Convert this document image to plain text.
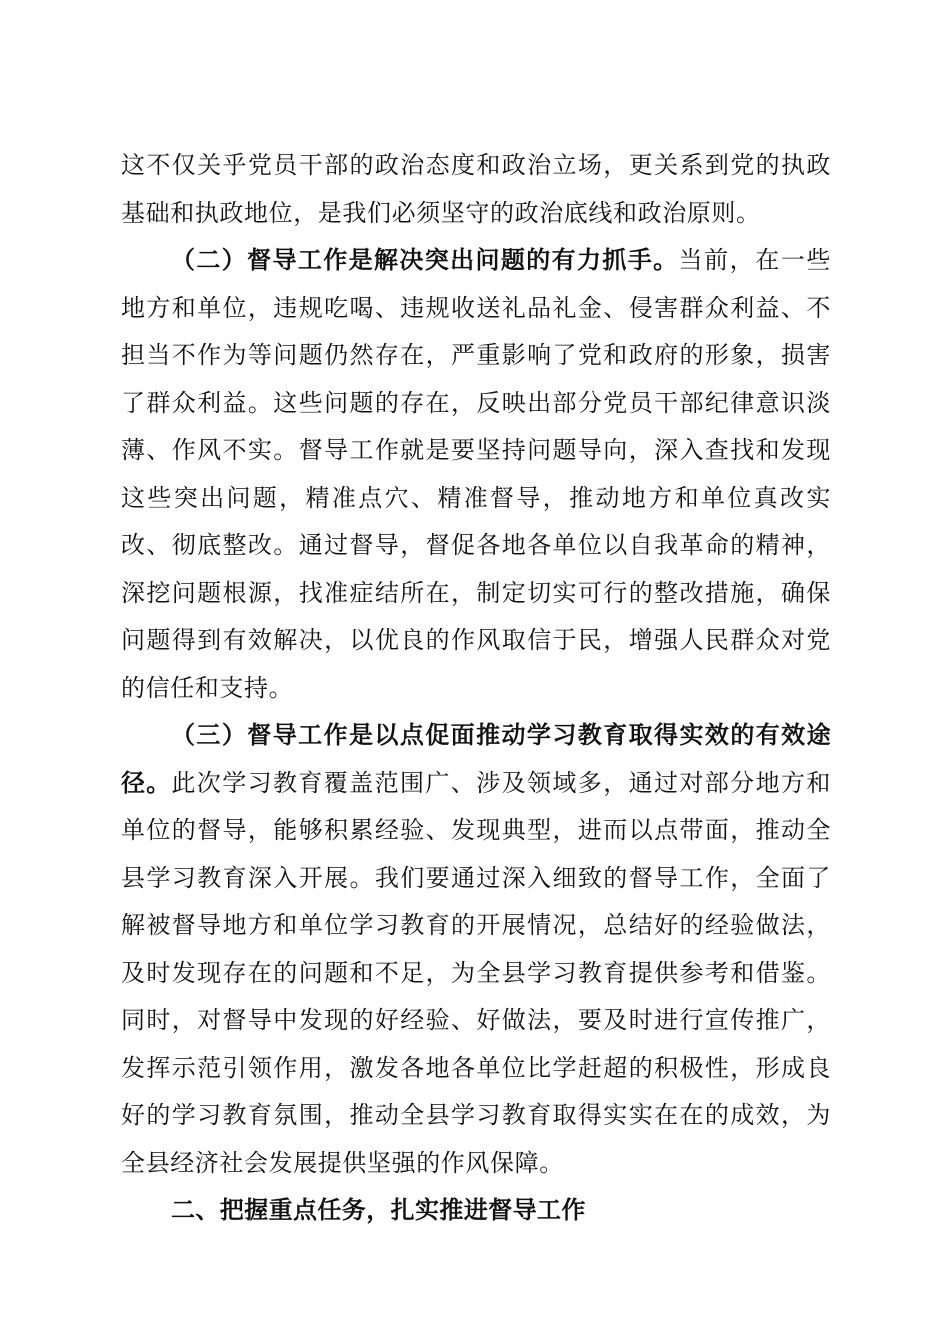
这不仅关乎党员干部的政治态度和政治立场，更关系到党的执政基础和执政地位，是我们必须坚守的政治底线和政治原则。

（二）督导工作是解决突出问题的有力抓手。当前，在一些地方和单位，违规吃喝、违规收送礼品礼金、侵害群众利益、不担当不作为等问题仍然存在，严重影响了党和政府的形象，损害了群众利益。这些问题的存在，反映出部分党员干部纪律意识淡薄、作风不实。督导工作就是要坚持问题导向，深入查找和发现这些突出问题，精准点穴、精准督导，推动地方和单位真改实改、彻底整改。通过督导，督促各地各单位以自我革命的精神，深挖问题根源，找准症结所在，制定切实可行的整改措施，确保问题得到有效解决，以优良的作风取信于民，增强人民群众对党的信任和支持。

（三）督导工作是以点促面推动学习教育取得实效的有效途径。此次学习教育覆盖范围广、涉及领域多，通过对部分地方和单位的督导，能够积累经验、发现典型，进而以点带面，推动全县学习教育深入开展。我们要通过深入细致的督导工作，全面了解被督导地方和单位学习教育的开展情况，总结好的经验做法，及时发现存在的问题和不足，为全县学习教育提供参考和借鉴。同时，对督导中发现的好经验、好做法，要及时进行宣传推广，发挥示范引领作用，激发各地各单位比学赶超的积极性，形成良好的学习教育氛围，推动全县学习教育取得实实在在的成效，为全县经济社会发展提供坚强的作风保障。

二、把握重点任务，扎实推进督导工作
